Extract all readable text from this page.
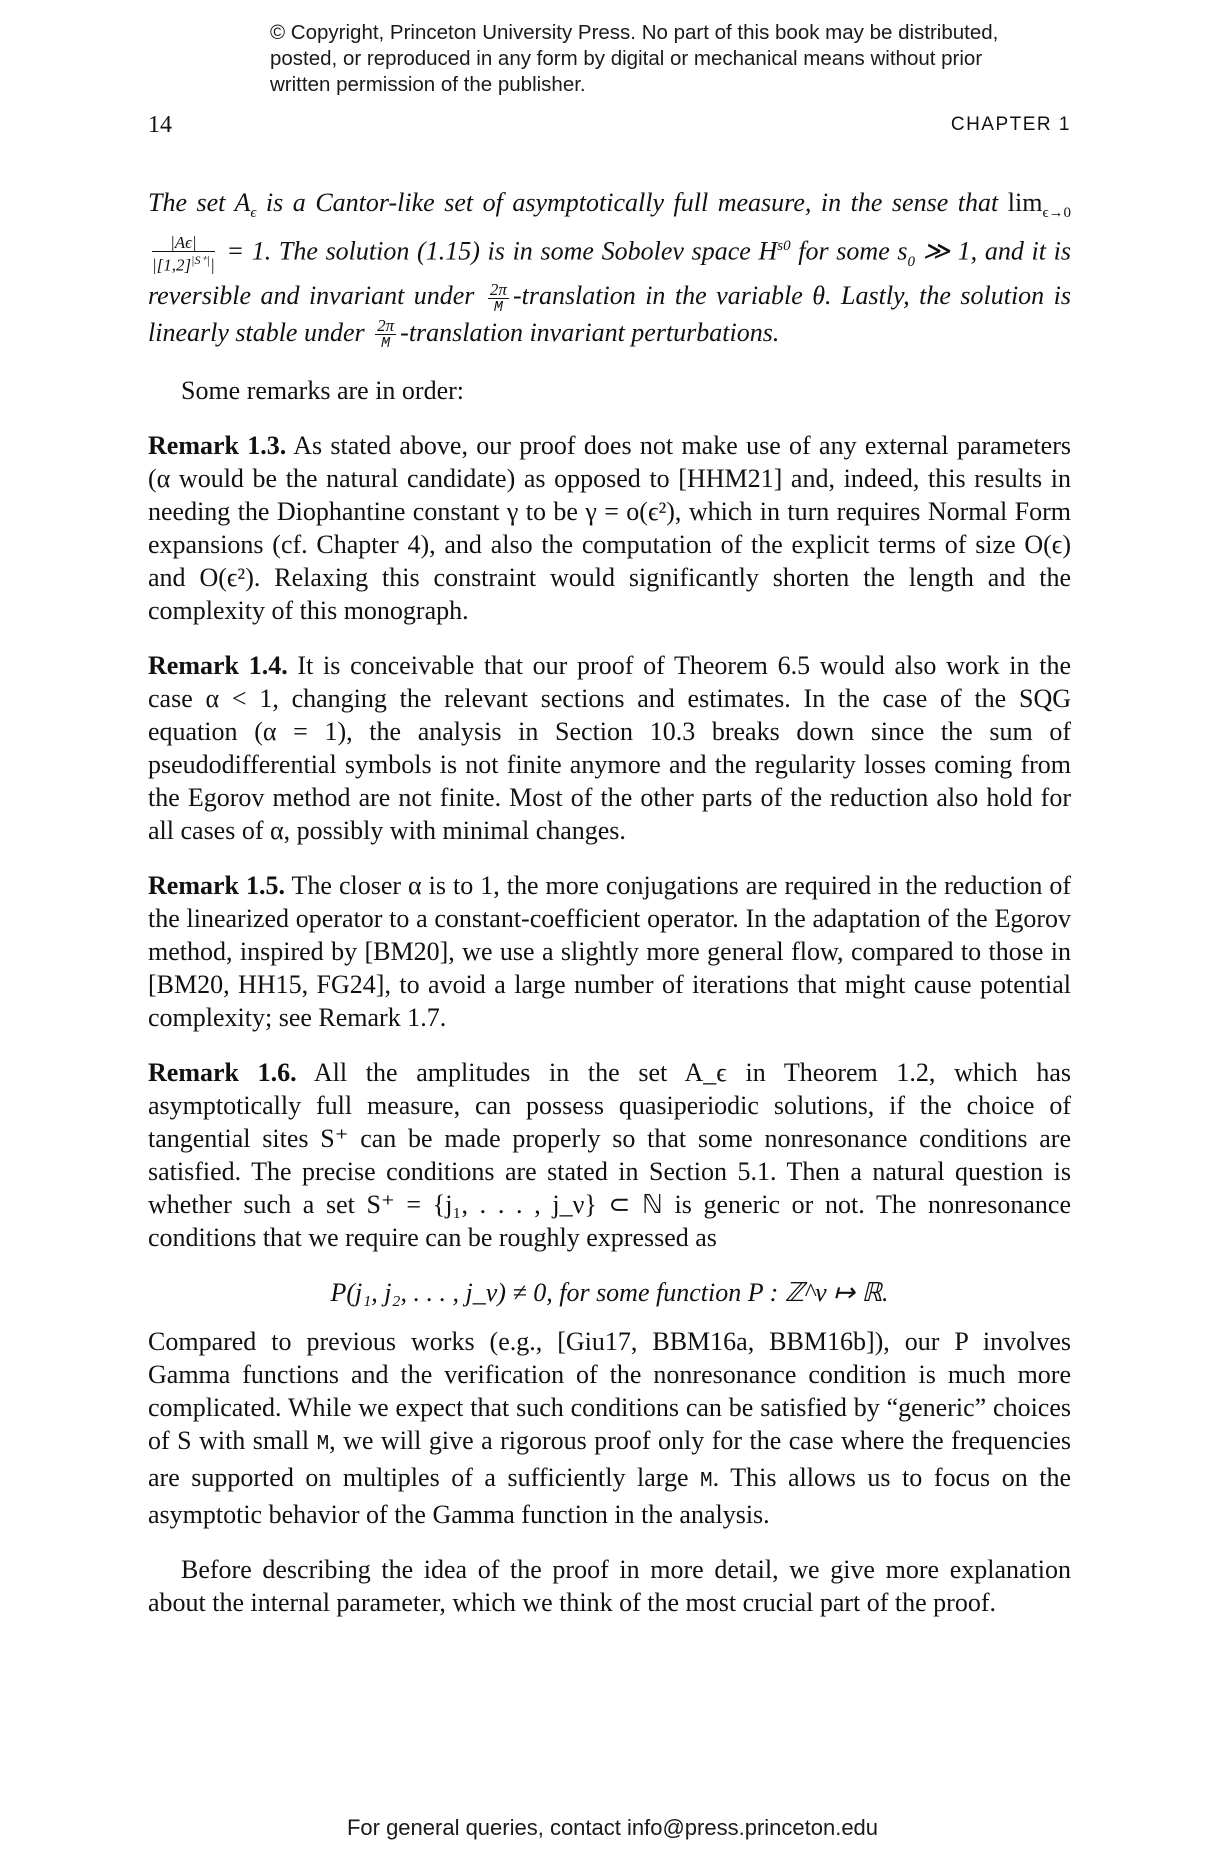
© Copyright, Princeton University Press. No part of this book may be distributed, posted, or reproduced in any form by digital or mechanical means without prior written permission of the publisher.
14	CHAPTER 1

The set $A_\epsilon$ is a Cantor-like set of asymptotically full measure, in the sense that $\lim_{\epsilon\to 0}$
$\frac{|A\epsilon|}{|[1,2]^{|S^+|}|} = 1$. The solution (1.15) is in some Sobolev space $H^{s0}$ for some $s_0$ ≫ 1, and it is reversible and invariant under $\frac{2\pi}{M}$ -translation in the variable θ. Lastly, the solution is linearly stable under $\frac{2\pi}{M}$ -translation invariant perturbations.

Some remarks are in order:

Remark 1.3. As stated above, our proof does not make use of any external parameters (α would be the natural candidate) as opposed to [HHM21] and, indeed, this results in needing the Diophantine constant γ to be γ = o(ϵ²), which in turn requires Normal Form expansions (cf. Chapter 4), and also the computation of the explicit terms of size O(ϵ) and O(ϵ²). Relaxing this constraint would significantly shorten the length and the complexity of this monograph.

Remark 1.4. It is conceivable that our proof of Theorem 6.5 would also work in the case α < 1, changing the relevant sections and estimates. In the case of the SQG equation (α = 1), the analysis in Section 10.3 breaks down since the sum of pseudodifferential symbols is not finite anymore and the regularity losses coming from the Egorov method are not finite. Most of the other parts of the reduction also hold for all cases of α, possibly with minimal changes.

Remark 1.5. The closer α is to 1, the more conjugations are required in the reduction of the linearized operator to a constant-coefficient operator. In the adaptation of the Egorov method, inspired by [BM20], we use a slightly more general flow, compared to those in [BM20, HH15, FG24], to avoid a large number of iterations that might cause potential complexity; see Remark 1.7.

Remark 1.6. All the amplitudes in the set A_ϵ in Theorem 1.2, which has asymptotically full measure, can possess quasiperiodic solutions, if the choice of tangential sites S⁺ can be made properly so that some nonresonance conditions are satisfied. The precise conditions are stated in Section 5.1. Then a natural question is whether such a set S⁺ = {j₁, . . . , j_ν} ⊂ ℕ is generic or not. The nonresonance conditions that we require can be roughly expressed as

P(j₁, j₂, . . . , j_ν) ≠ 0, for some function P : ℤ^ν ↦ ℝ.

Compared to previous works (e.g., [Giu17, BBM16a, BBM16b]), our P involves Gamma functions and the verification of the nonresonance condition is much more complicated. While we expect that such conditions can be satisfied by “generic” choices of S with small M, we will give a rigorous proof only for the case where the frequencies are supported on multiples of a sufficiently large M. This allows us to focus on the asymptotic behavior of the Gamma function in the analysis.

Before describing the idea of the proof in more detail, we give more explanation about the internal parameter, which we think of the most crucial part of the proof.

For general queries, contact info@press.princeton.edu
